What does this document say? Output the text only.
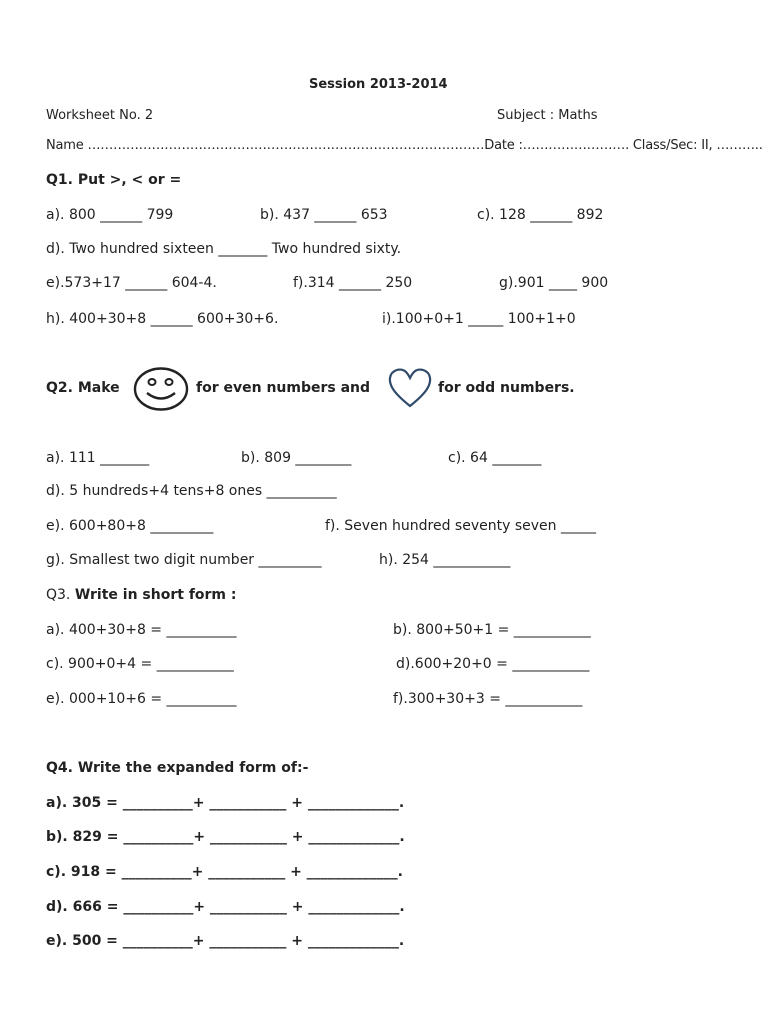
Session 2013-2014
Worksheet No. 2	Subject : Maths
Name …………………………………………………………………………………Date :……………………. Class/Sec: II, ………..
Q1. Put >, < or =
a). 800 ______ 799	b). 437 ______ 653	c). 128 ______ 892
d). Two hundred sixteen _______ Two hundred sixty.
e).573+17 ______ 604-4.	f).314 ______ 250	g).901 ____ 900
h). 400+30+8 ______ 600+30+6.	i).100+0+1 _____ 100+1+0
Q2. Make	for even numbers and	for odd numbers.
a). 111 _______	b). 809 ________	c). 64 _______
d). 5 hundreds+4 tens+8 ones __________
e). 600+80+8 _________	f). Seven hundred seventy seven _____
g). Smallest two digit number _________	h). 254 ___________
Q3. Write in short form :
a). 400+30+8 = __________	b). 800+50+1 = ___________
c). 900+0+4 = ___________	d).600+20+0 = ___________
e). 000+10+6 = __________	f).300+30+3 = ___________
Q4. Write the expanded form of:-
a). 305 = __________+ ___________ + _____________.
b). 829 = __________+ ___________ + _____________.
c). 918 = __________+ ___________ + _____________.
d). 666 = __________+ ___________ + _____________.
e). 500 = __________+ ___________ + _____________.
